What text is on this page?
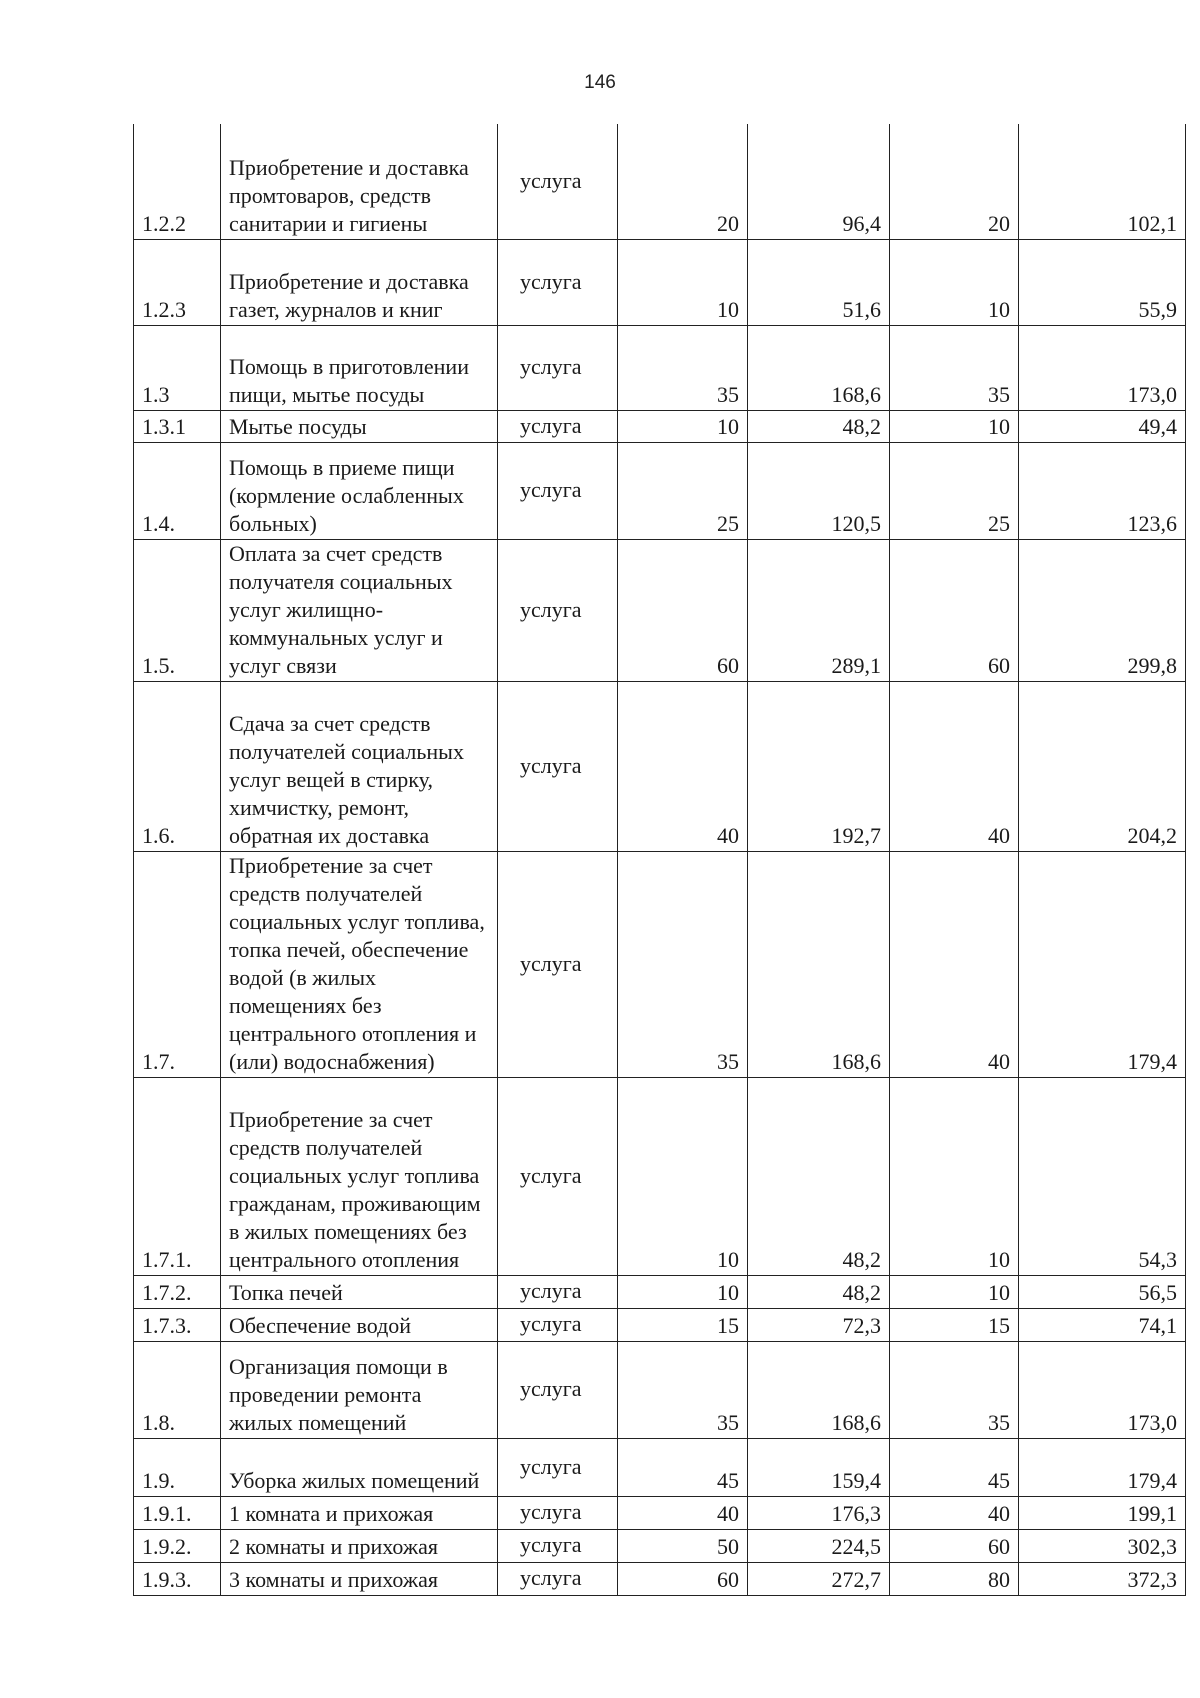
146
1.2.2	Приобретение и доставка промтоваров, средств санитарии и гигиены	услуга	20	96,4	20	102,1
1.2.3	Приобретение и доставка газет, журналов и книг	услуга	10	51,6	10	55,9
1.3	Помощь в приготовлении пищи, мытье посуды	услуга	35	168,6	35	173,0
1.3.1	Мытье посуды	услуга	10	48,2	10	49,4
1.4.	Помощь в приеме пищи (кормление ослабленных больных)	услуга	25	120,5	25	123,6
1.5.	Оплата за счет средств получателя социальных услуг жилищно-коммунальных услуг и услуг связи	услуга	60	289,1	60	299,8
1.6.	Сдача за счет средств получателей социальных услуг вещей в стирку, химчистку, ремонт, обратная их доставка	услуга	40	192,7	40	204,2
1.7.	Приобретение за счет средств получателей социальных услуг топлива, топка печей, обеспечение водой (в жилых помещениях без центрального отопления и (или) водоснабжения)	услуга	35	168,6	40	179,4
1.7.1.	Приобретение за счет средств получателей социальных услуг топлива гражданам, проживающим в жилых помещениях без центрального отопления	услуга	10	48,2	10	54,3
1.7.2.	Топка печей	услуга	10	48,2	10	56,5
1.7.3.	Обеспечение водой	услуга	15	72,3	15	74,1
1.8.	Организация помощи в проведении ремонта жилых помещений	услуга	35	168,6	35	173,0
1.9.	Уборка жилых помещений	услуга	45	159,4	45	179,4
1.9.1.	1 комната и прихожая	услуга	40	176,3	40	199,1
1.9.2.	2 комнаты и прихожая	услуга	50	224,5	60	302,3
1.9.3.	3 комнаты и прихожая	услуга	60	272,7	80	372,3
